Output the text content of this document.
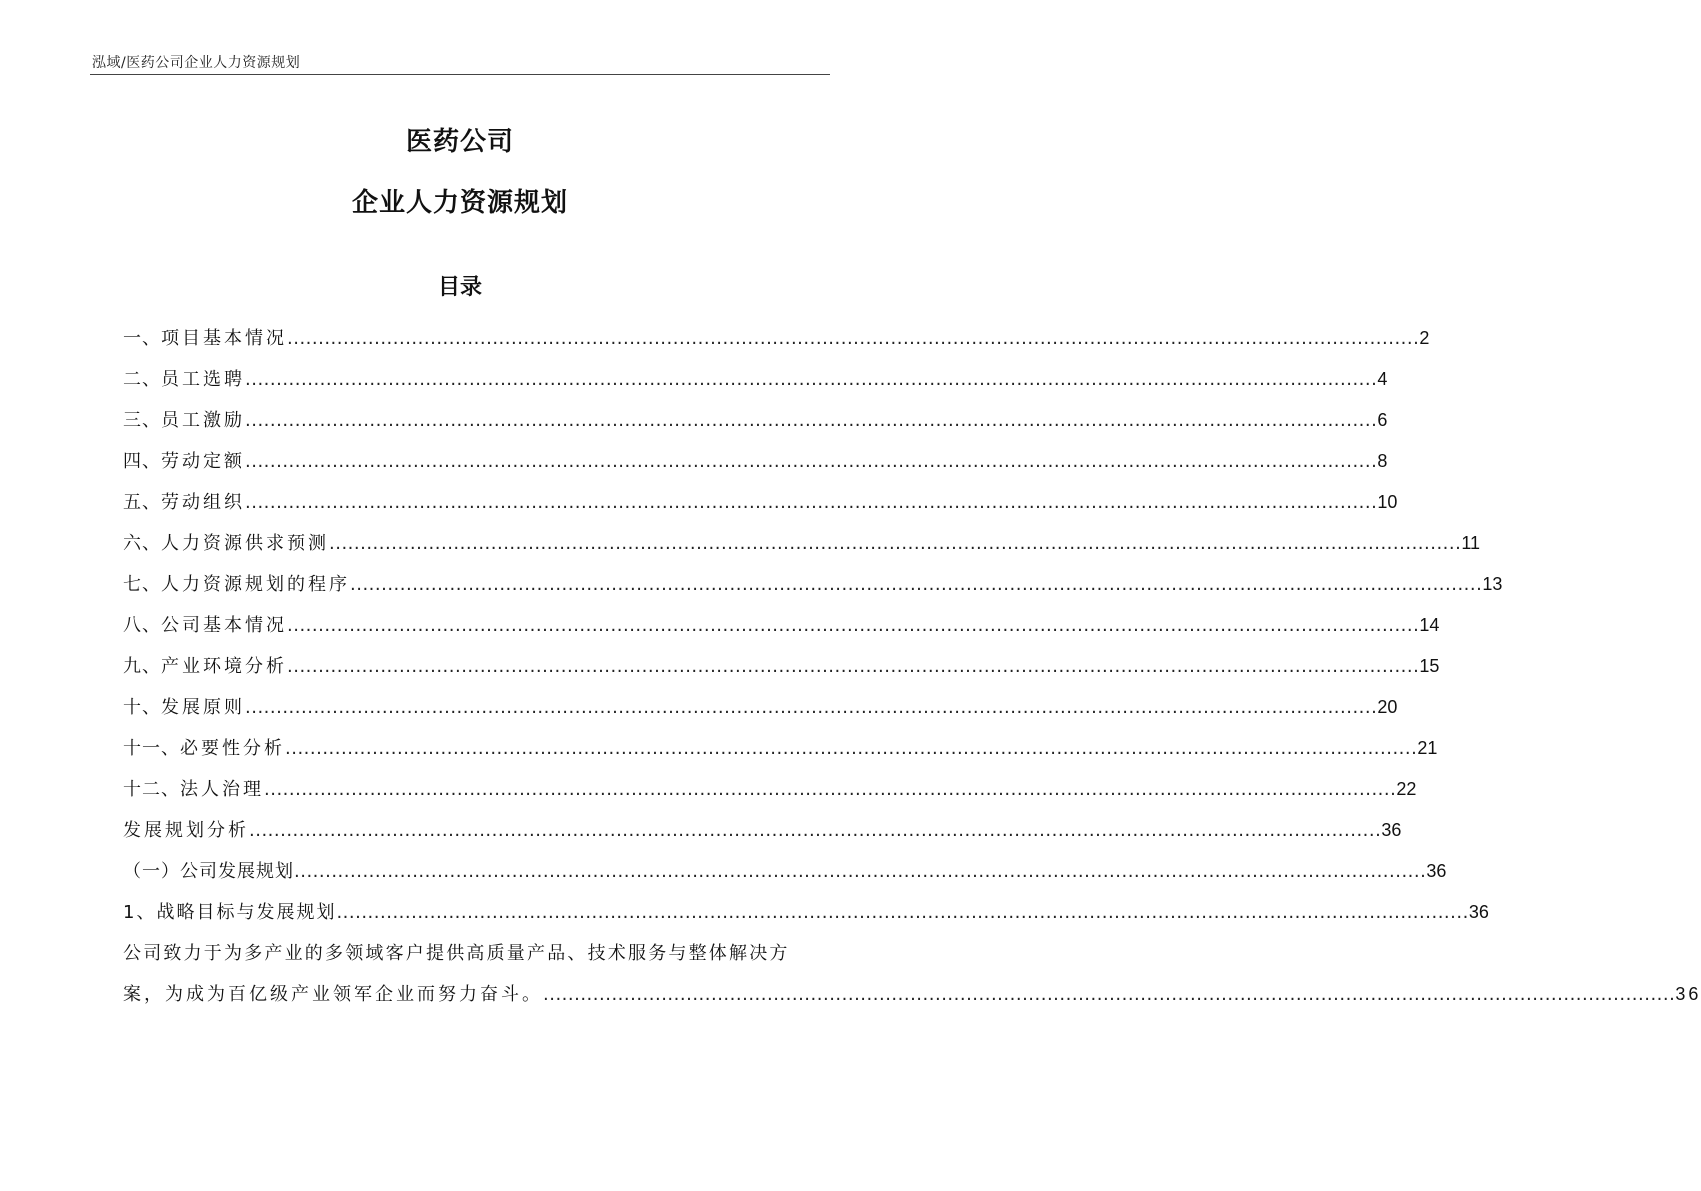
泓域/医药公司企业人力资源规划
医药公司
企业人力资源规划
目录
一、 项目基本情况 ...................................................................................................................................................................................... 2
二、 员工选聘 ...................................................................................................................................................................................... 4
三、 员工激励 ...................................................................................................................................................................................... 6
四、 劳动定额 ...................................................................................................................................................................................... 8
五、 劳动组织 ...................................................................................................................................................................................... 10
六、 人力资源供求预测 ...................................................................................................................................................................................... 11
七、 人力资源规划的程序 ...................................................................................................................................................................................... 13
八、 公司基本情况 ...................................................................................................................................................................................... 14
九、 产业环境分析 ...................................................................................................................................................................................... 15
十、 发展原则 ...................................................................................................................................................................................... 20
十一、 必要性分析 ...................................................................................................................................................................................... 21
十二、 法人治理 ...................................................................................................................................................................................... 22
发展规划分析 ...................................................................................................................................................................................... 36
（一）公司发展规划 ...................................................................................................................................................................................... 36
1、战略目标与发展规划 ...................................................................................................................................................................................... 36
公司致力于为多产业的多领域客户提供高质量产品、技术服务与整体解决方
案，为成为百亿级产业领军企业而努力奋斗。 ...................................................................................................................................................................................... 36
